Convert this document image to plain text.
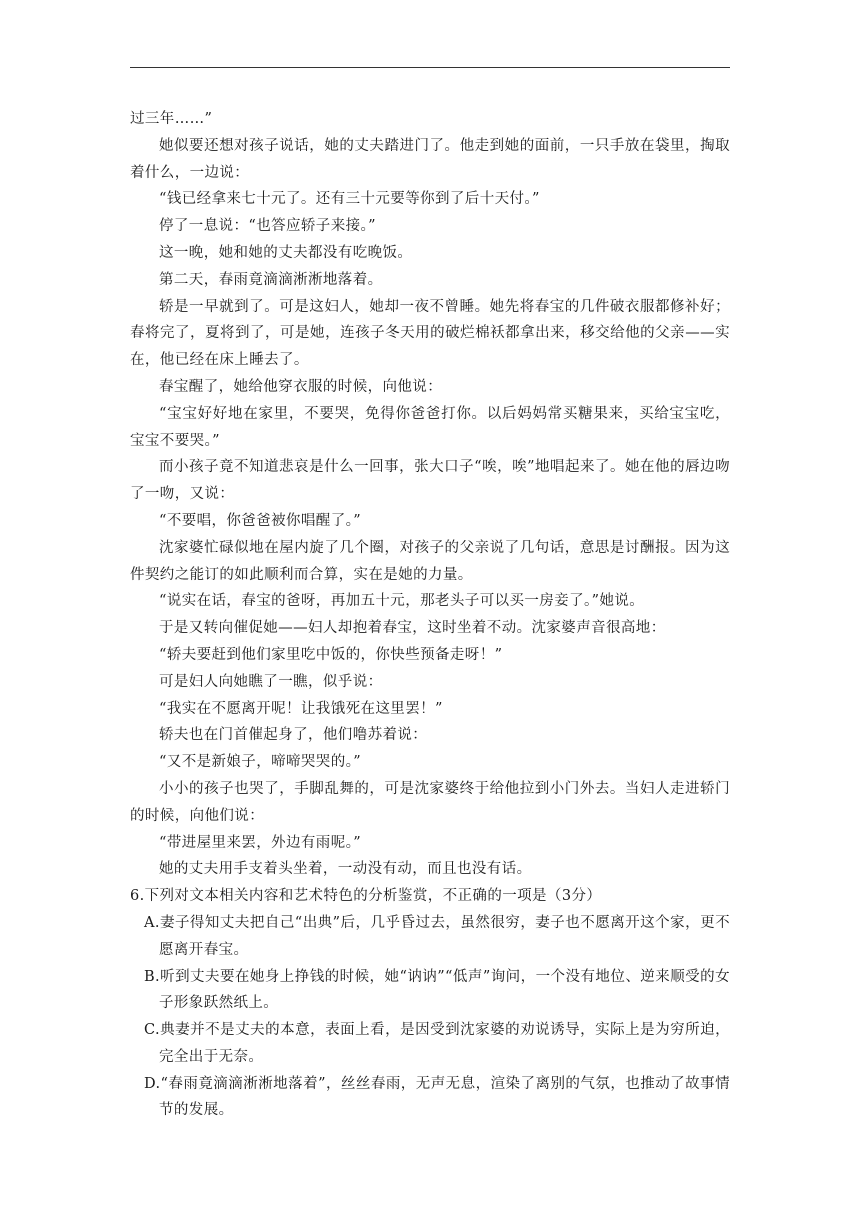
过三年……”

她似要还想对孩子说话，她的丈夫踏进门了。他走到她的面前，一只手放在袋里，掏取着什么，一边说：

“钱已经拿来七十元了。还有三十元要等你到了后十天付。”

停了一息说：“也答应轿子来接。”

这一晚，她和她的丈夫都没有吃晚饭。

第二天，春雨竟滴滴淅淅地落着。

轿是一早就到了。可是这妇人，她却一夜不曾睡。她先将春宝的几件破衣服都修补好；春将完了，夏将到了，可是她，连孩子冬天用的破烂棉袄都拿出来，移交给他的父亲——实在，他已经在床上睡去了。

春宝醒了，她给他穿衣服的时候，向他说：

“宝宝好好地在家里，不要哭，免得你爸爸打你。以后妈妈常买糖果来，买给宝宝吃，宝宝不要哭。”

而小孩子竟不知道悲哀是什么一回事，张大口子“唉，唉”地唱起来了。她在他的唇边吻了一吻，又说：

“不要唱，你爸爸被你唱醒了。”

沈家婆忙碌似地在屋内旋了几个圈，对孩子的父亲说了几句话，意思是讨酬报。因为这件契约之能订的如此顺利而合算，实在是她的力量。

“说实在话，春宝的爸呀，再加五十元，那老头子可以买一房妾了。”她说。

于是又转向催促她——妇人却抱着春宝，这时坐着不动。沈家婆声音很高地：

“轿夫要赶到他们家里吃中饭的，你快些预备走呀！”

可是妇人向她瞧了一瞧，似乎说：

“我实在不愿离开呢！让我饿死在这里罢！”

轿夫也在门首催起身了，他们噜苏着说：

“又不是新娘子，啼啼哭哭的。”

小小的孩子也哭了，手脚乱舞的，可是沈家婆终于给他拉到小门外去。当妇人走进轿门的时候，向他们说：

“带进屋里来罢，外边有雨呢。”

她的丈夫用手支着头坐着，一动没有动，而且也没有话。

6.下列对文本相关内容和艺术特色的分析鉴赏，不正确的一项是（3分）

A.妻子得知丈夫把自己“出典”后，几乎昏过去，虽然很穷，妻子也不愿离开这个家，更不愿离开春宝。

B.听到丈夫要在她身上挣钱的时候，她“讷讷”“低声”询问，一个没有地位、逆来顺受的女子形象跃然纸上。

C.典妻并不是丈夫的本意，表面上看，是因受到沈家婆的劝说诱导，实际上是为穷所迫，完全出于无奈。

D.“春雨竟滴滴淅淅地落着”，丝丝春雨，无声无息，渲染了离别的气氛，也推动了故事情节的发展。
